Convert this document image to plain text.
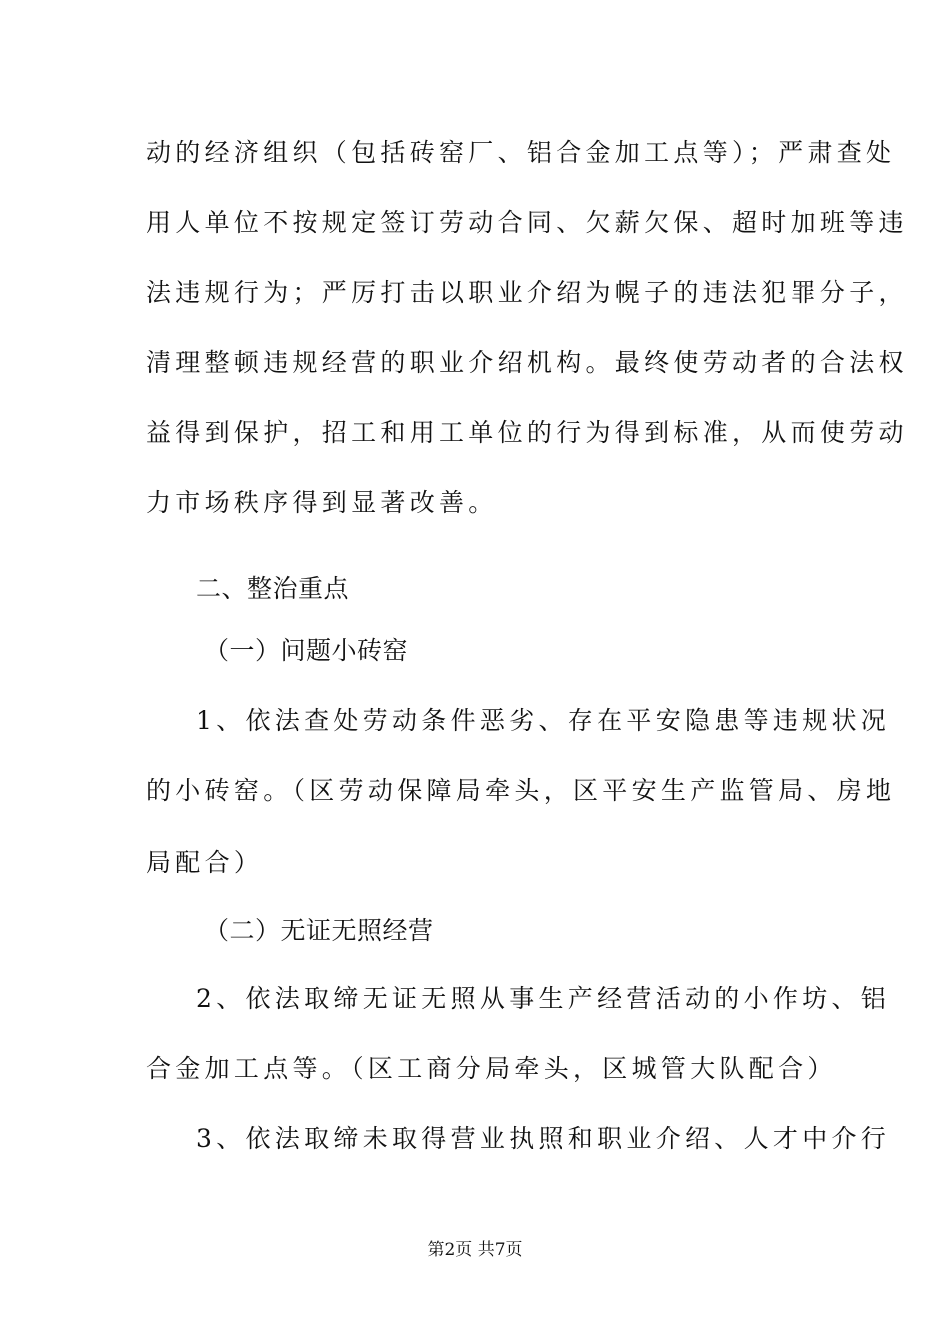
动的经济组织（包括砖窑厂、铝合金加工点等）；严肃查处
用人单位不按规定签订劳动合同、欠薪欠保、超时加班等违
法违规行为；严厉打击以职业介绍为幌子的违法犯罪分子，
清理整顿违规经营的职业介绍机构。最终使劳动者的合法权
益得到保护，招工和用工单位的行为得到标准，从而使劳动
力市场秩序得到显著改善。
二、整治重点
（一）问题小砖窑
1、依法查处劳动条件恶劣、存在平安隐患等违规状况
的小砖窑。（区劳动保障局牵头，区平安生产监管局、房地
局配合）
（二）无证无照经营
2、依法取缔无证无照从事生产经营活动的小作坊、铝
合金加工点等。（区工商分局牵头，区城管大队配合）
3、依法取缔未取得营业执照和职业介绍、人才中介行
第2页 共7页
